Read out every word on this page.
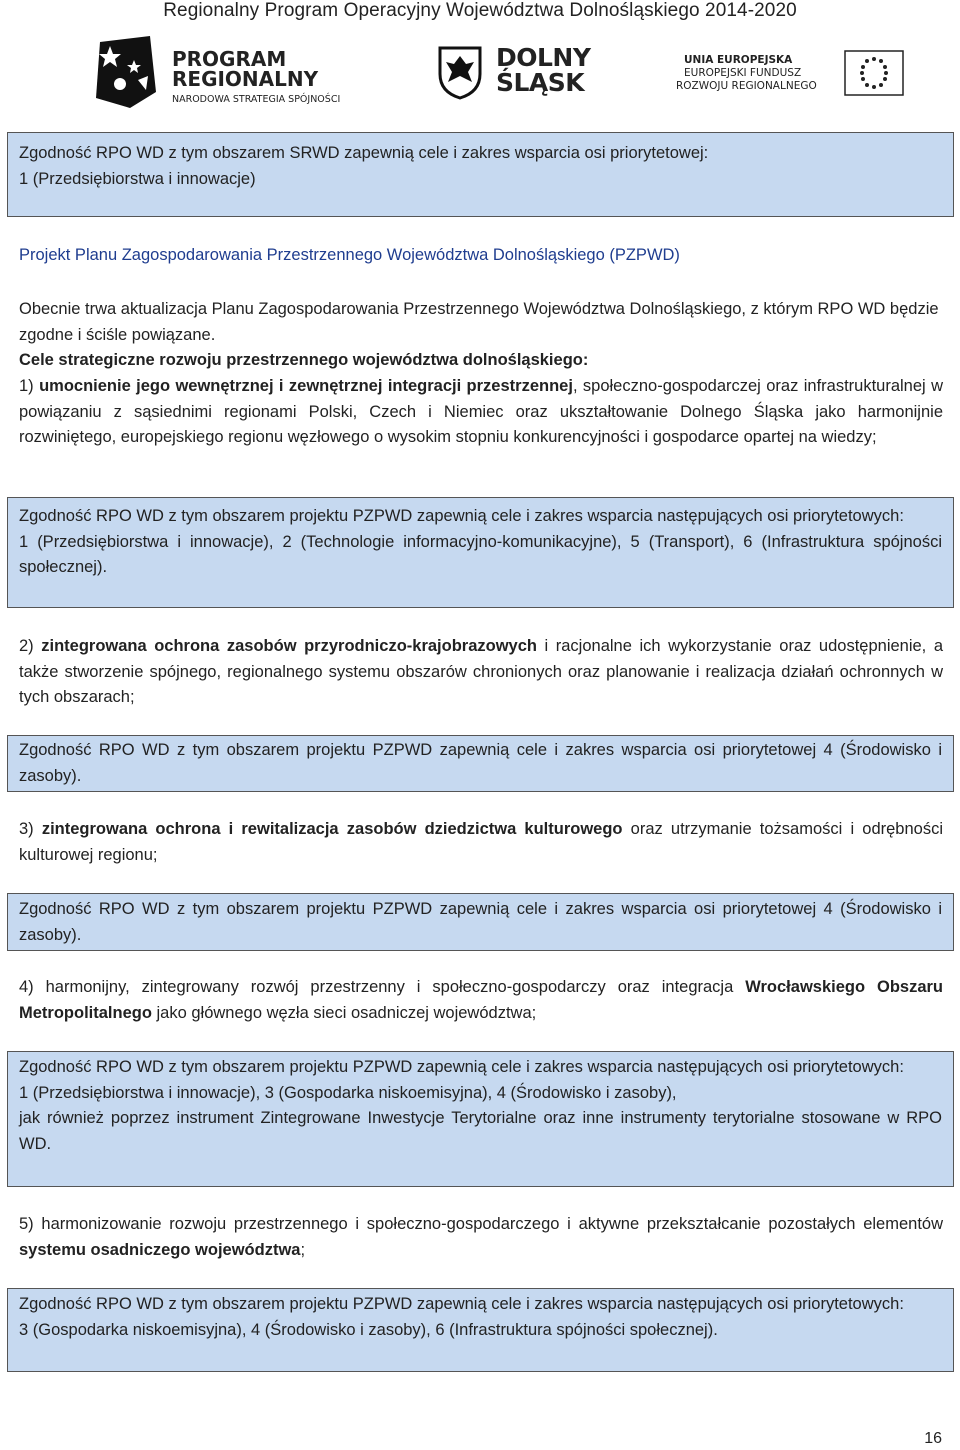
Regionalny Program Operacyjny Województwa Dolnośląskiego 2014-2020
PROGRAM
REGIONALNY
NARODOWA STRATEGIA SPÓJNOŚCI
DOLNY
ŚLĄSK
UNIA EUROPEJSKA
EUROPEJSKI FUNDUSZ
ROZWOJU REGIONALNEGO
Zgodność RPO WD z tym obszarem SRWD zapewnią cele i zakres wsparcia osi priorytetowej:
1 (Przedsiębiorstwa i innowacje)
Projekt Planu Zagospodarowania Przestrzennego Województwa Dolnośląskiego (PZPWD)
Obecnie trwa aktualizacja Planu Zagospodarowania Przestrzennego Województwa Dolnośląskiego, z którym RPO WD będzie zgodne i ściśle powiązane.
Cele strategiczne rozwoju przestrzennego województwa dolnośląskiego:
1) umocnienie jego wewnętrznej i zewnętrznej integracji przestrzennej, społeczno-gospodarczej oraz infrastrukturalnej w powiązaniu z sąsiednimi regionami Polski, Czech i Niemiec oraz ukształtowanie Dolnego Śląska jako harmonijnie rozwiniętego, europejskiego regionu węzłowego o wysokim stopniu konkurencyjności i gospodarce opartej na wiedzy;
Zgodność RPO WD z tym obszarem projektu PZPWD zapewnią cele i zakres wsparcia następujących osi priorytetowych:
1 (Przedsiębiorstwa i innowacje), 2 (Technologie informacyjno-komunikacyjne), 5 (Transport), 6 (Infrastruktura spójności społecznej).
2) zintegrowana ochrona zasobów przyrodniczo-krajobrazowych i racjonalne ich wykorzystanie oraz udostępnienie, a także stworzenie spójnego, regionalnego systemu obszarów chronionych oraz planowanie i realizacja działań ochronnych w tych obszarach;
Zgodność RPO WD z tym obszarem projektu PZPWD zapewnią cele i zakres wsparcia osi priorytetowej 4 (Środowisko i zasoby).
3) zintegrowana ochrona i rewitalizacja zasobów dziedzictwa kulturowego oraz utrzymanie tożsamości i odrębności kulturowej regionu;
Zgodność RPO WD z tym obszarem projektu PZPWD zapewnią cele i zakres wsparcia osi priorytetowej 4 (Środowisko i zasoby).
4) harmonijny, zintegrowany rozwój przestrzenny i społeczno-gospodarczy oraz integracja Wrocławskiego Obszaru Metropolitalnego jako głównego węzła sieci osadniczej województwa;
Zgodność RPO WD z tym obszarem projektu PZPWD zapewnią cele i zakres wsparcia następujących osi priorytetowych:
1 (Przedsiębiorstwa i innowacje), 3 (Gospodarka niskoemisyjna), 4 (Środowisko i zasoby),
jak również poprzez instrument Zintegrowane Inwestycje Terytorialne oraz inne instrumenty terytorialne stosowane w RPO WD.
5) harmonizowanie rozwoju przestrzennego i społeczno-gospodarczego i aktywne przekształcanie pozostałych elementów systemu osadniczego województwa;
Zgodność RPO WD z tym obszarem projektu PZPWD zapewnią cele i zakres wsparcia następujących osi priorytetowych:
3 (Gospodarka niskoemisyjna), 4 (Środowisko i zasoby), 6 (Infrastruktura spójności społecznej).
16
